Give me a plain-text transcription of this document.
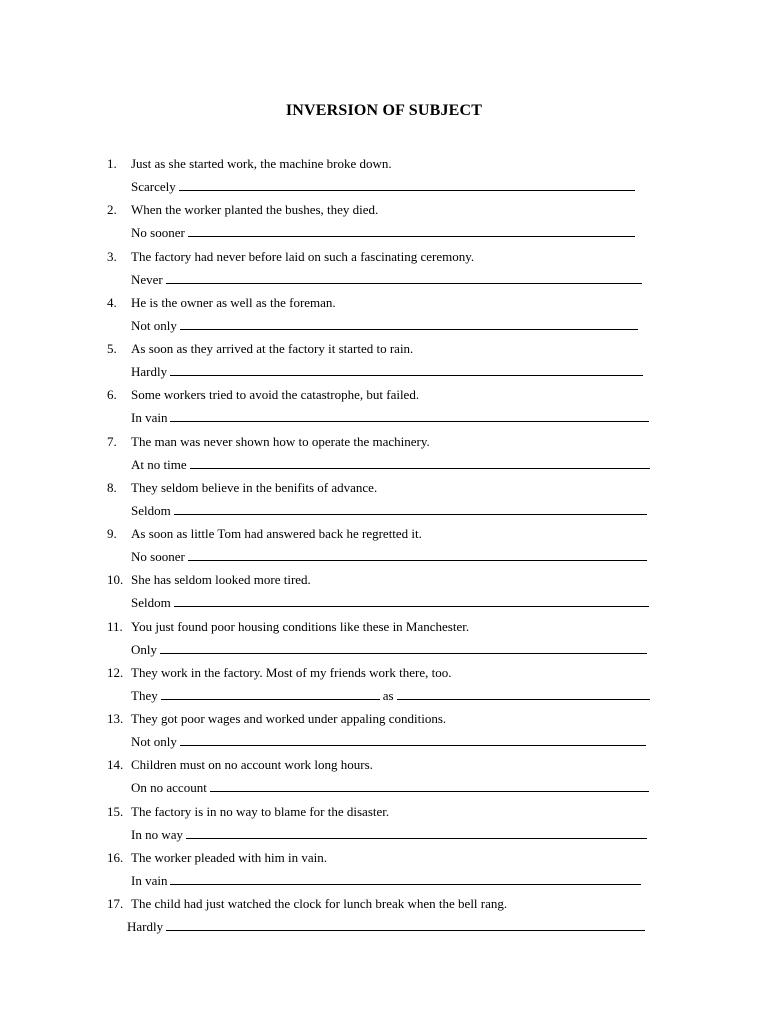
INVERSION OF SUBJECT
1.	Just as she started work, the machine broke down.
Scarcely
2.	When the worker planted the bushes, they died.
No sooner
3.	The factory had never before laid on such a fascinating ceremony.
Never
4.	He is the owner as well as the foreman.
Not only
5.	As soon as they arrived at the factory it started to rain.
Hardly
6.	Some workers tried to avoid the catastrophe, but failed.
In vain
7.	The man was never shown how to operate the machinery.
At no time
8.	They seldom believe in the benifits of advance.
Seldom
9.	As soon as little Tom had answered back he regretted it.
No sooner
10. She has seldom looked more tired.
Seldom
11. You just found poor housing conditions like these in Manchester.
Only
12. They work in the factory. Most of my friends work there, too.
They	as
13. They got poor wages and worked under appaling conditions.
Not only
14. Children must on no account work long hours.
On no account
15. The factory is in no way to blame for the disaster.
In no way
16. The worker pleaded with him in vain.
In vain
17. The child had just watched the clock for lunch break when the bell rang.
Hardly
